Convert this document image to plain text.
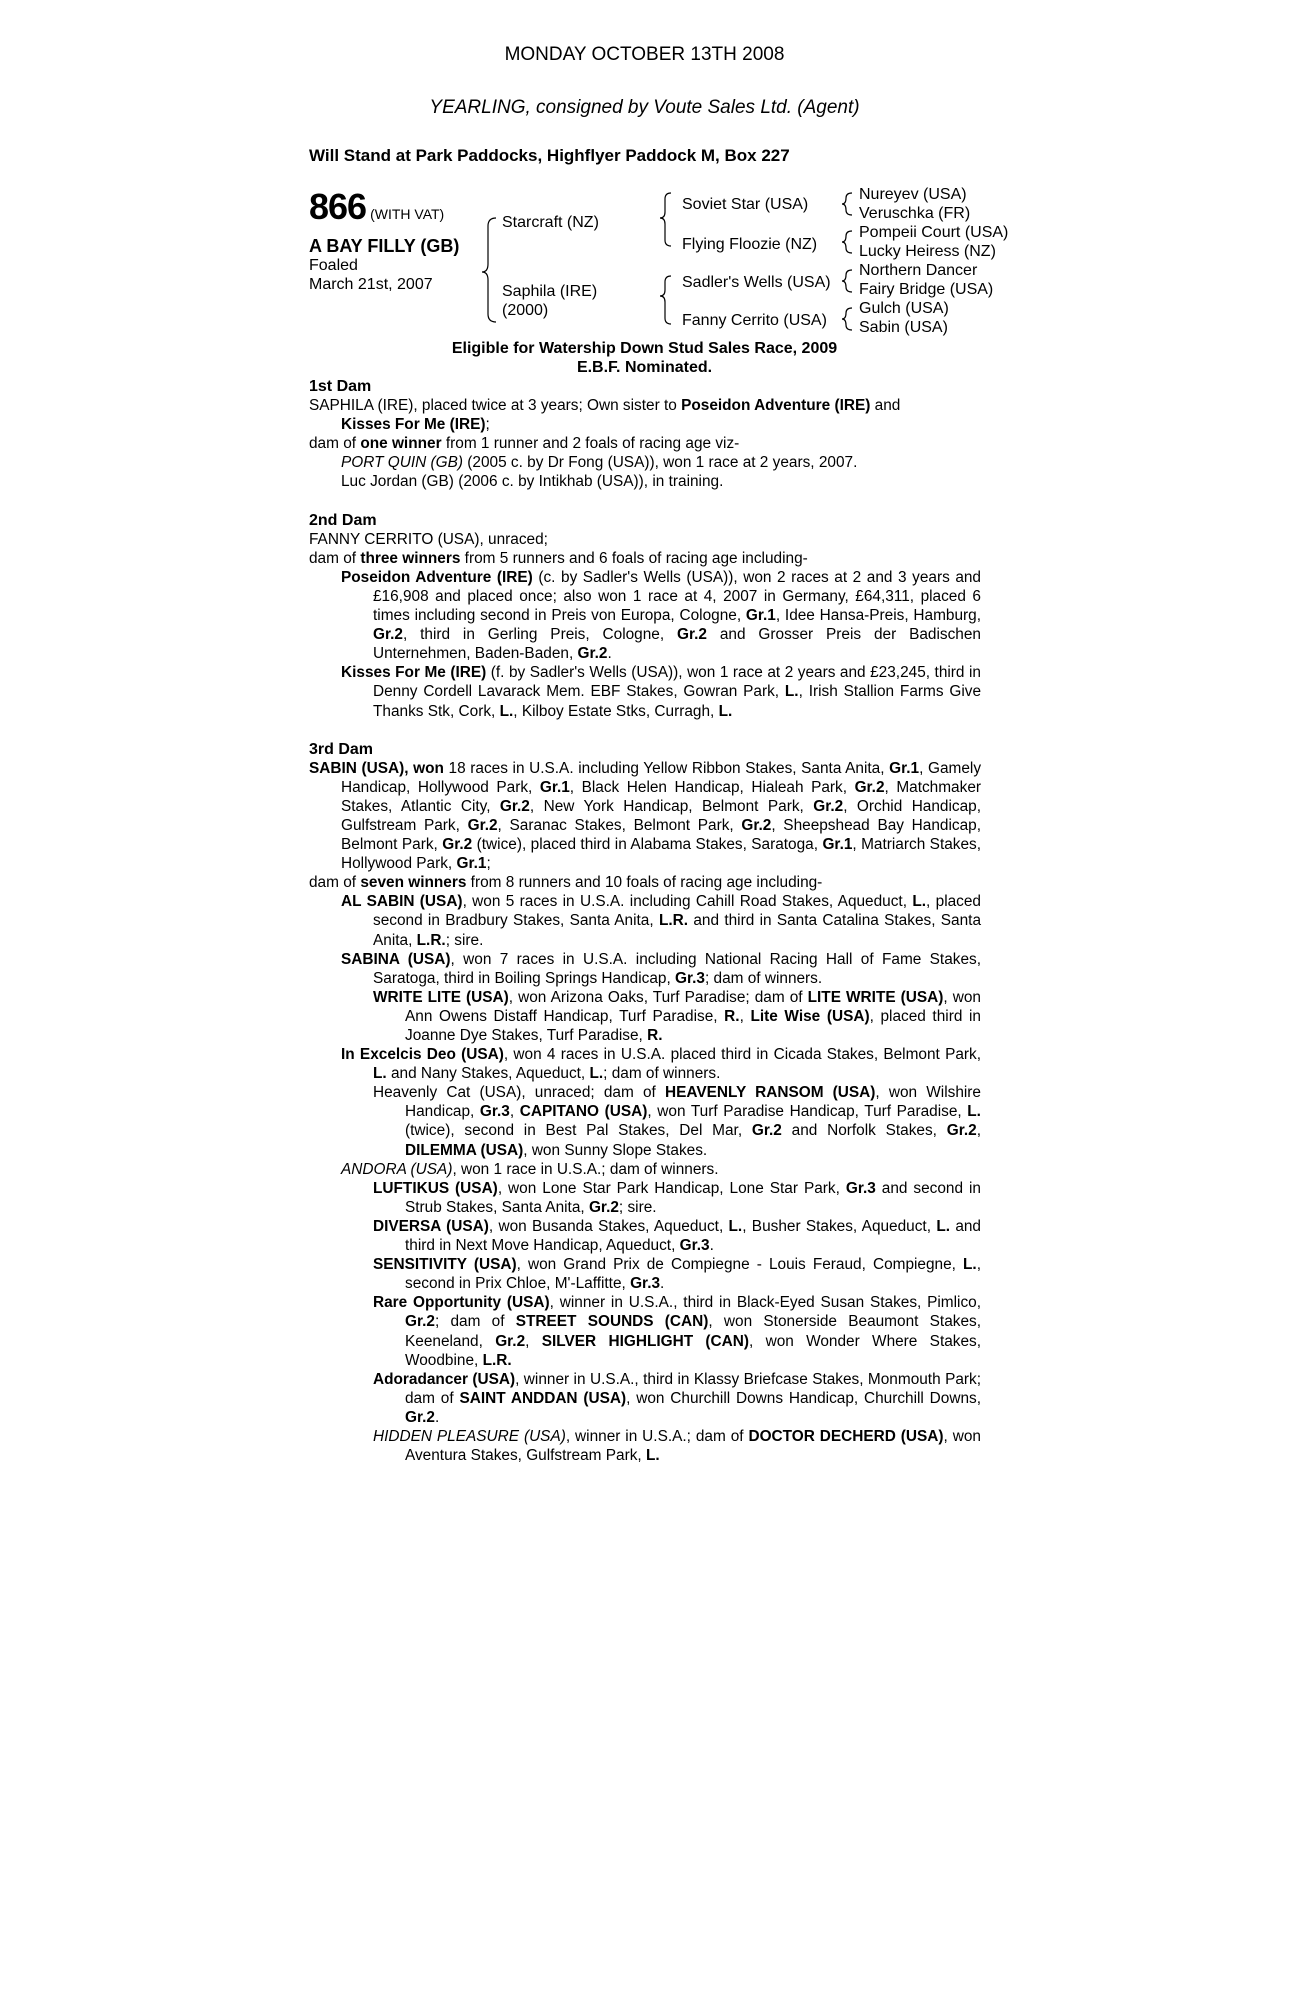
MONDAY OCTOBER 13TH 2008
YEARLING, consigned by Voute Sales Ltd. (Agent)
Will Stand at Park Paddocks, Highflyer Paddock M, Box 227
866 (WITH VAT)
A BAY FILLY (GB)
Foaled
March 21st, 2007
Starcraft (NZ)
Saphila (IRE)
(2000)
Soviet Star (USA)
Flying Floozie (NZ)
Sadler's Wells (USA)
Fanny Cerrito (USA)
Nureyev (USA)
Veruschka (FR)
Pompeii Court (USA)
Lucky Heiress (NZ)
Northern Dancer
Fairy Bridge (USA)
Gulch (USA)
Sabin (USA)
Eligible for Watership Down Stud Sales Race, 2009
E.B.F. Nominated.
1st Dam
SAPHILA (IRE), placed twice at 3 years; Own sister to Poseidon Adventure (IRE) and
Kisses For Me (IRE);
dam of one winner from 1 runner and 2 foals of racing age viz-
PORT QUIN (GB) (2005 c. by Dr Fong (USA)), won 1 race at 2 years, 2007.
Luc Jordan (GB) (2006 c. by Intikhab (USA)), in training.
2nd Dam
FANNY CERRITO (USA), unraced;
dam of three winners from 5 runners and 6 foals of racing age including-
Poseidon Adventure (IRE) (c. by Sadler's Wells (USA)), won 2 races at 2 and 3 years and £16,908 and placed once; also won 1 race at 4, 2007 in Germany, £64,311, placed 6 times including second in Preis von Europa, Cologne, Gr.1, Idee Hansa-Preis, Hamburg, Gr.2, third in Gerling Preis, Cologne, Gr.2 and Grosser Preis der Badischen Unternehmen, Baden-Baden, Gr.2.
Kisses For Me (IRE) (f. by Sadler's Wells (USA)), won 1 race at 2 years and £23,245, third in Denny Cordell Lavarack Mem. EBF Stakes, Gowran Park, L., Irish Stallion Farms Give Thanks Stk, Cork, L., Kilboy Estate Stks, Curragh, L.
3rd Dam
SABIN (USA), won 18 races in U.S.A. including Yellow Ribbon Stakes, Santa Anita, Gr.1, Gamely Handicap, Hollywood Park, Gr.1, Black Helen Handicap, Hialeah Park, Gr.2, Matchmaker Stakes, Atlantic City, Gr.2, New York Handicap, Belmont Park, Gr.2, Orchid Handicap, Gulfstream Park, Gr.2, Saranac Stakes, Belmont Park, Gr.2, Sheepshead Bay Handicap, Belmont Park, Gr.2 (twice), placed third in Alabama Stakes, Saratoga, Gr.1, Matriarch Stakes, Hollywood Park, Gr.1;
dam of seven winners from 8 runners and 10 foals of racing age including-
AL SABIN (USA), won 5 races in U.S.A. including Cahill Road Stakes, Aqueduct, L., placed second in Bradbury Stakes, Santa Anita, L.R. and third in Santa Catalina Stakes, Santa Anita, L.R.; sire.
SABINA (USA), won 7 races in U.S.A. including National Racing Hall of Fame Stakes, Saratoga, third in Boiling Springs Handicap, Gr.3; dam of winners.
WRITE LITE (USA), won Arizona Oaks, Turf Paradise; dam of LITE WRITE (USA), won Ann Owens Distaff Handicap, Turf Paradise, R., Lite Wise (USA), placed third in Joanne Dye Stakes, Turf Paradise, R.
In Excelcis Deo (USA), won 4 races in U.S.A. placed third in Cicada Stakes, Belmont Park, L. and Nany Stakes, Aqueduct, L.; dam of winners.
Heavenly Cat (USA), unraced; dam of HEAVENLY RANSOM (USA), won Wilshire Handicap, Gr.3, CAPITANO (USA), won Turf Paradise Handicap, Turf Paradise, L. (twice), second in Best Pal Stakes, Del Mar, Gr.2 and Norfolk Stakes, Gr.2, DILEMMA (USA), won Sunny Slope Stakes.
ANDORA (USA), won 1 race in U.S.A.; dam of winners.
LUFTIKUS (USA), won Lone Star Park Handicap, Lone Star Park, Gr.3 and second in Strub Stakes, Santa Anita, Gr.2; sire.
DIVERSA (USA), won Busanda Stakes, Aqueduct, L., Busher Stakes, Aqueduct, L. and third in Next Move Handicap, Aqueduct, Gr.3.
SENSITIVITY (USA), won Grand Prix de Compiegne - Louis Feraud, Compiegne, L., second in Prix Chloe, M'-Laffitte, Gr.3.
Rare Opportunity (USA), winner in U.S.A., third in Black-Eyed Susan Stakes, Pimlico, Gr.2; dam of STREET SOUNDS (CAN), won Stonerside Beaumont Stakes, Keeneland, Gr.2, SILVER HIGHLIGHT (CAN), won Wonder Where Stakes, Woodbine, L.R.
Adoradancer (USA), winner in U.S.A., third in Klassy Briefcase Stakes, Monmouth Park; dam of SAINT ANDDAN (USA), won Churchill Downs Handicap, Churchill Downs, Gr.2.
HIDDEN PLEASURE (USA), winner in U.S.A.; dam of DOCTOR DECHERD (USA), won Aventura Stakes, Gulfstream Park, L.
